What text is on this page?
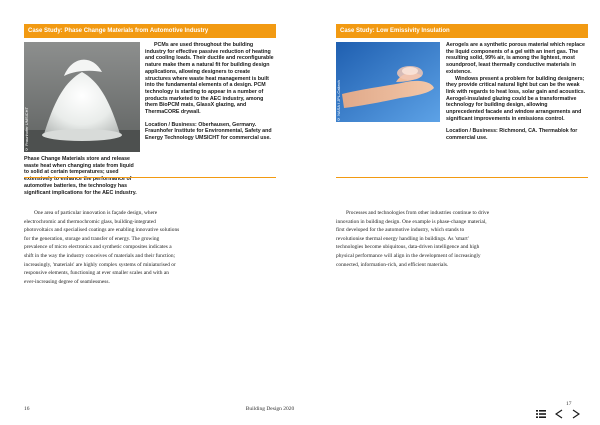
Case Study: Phase Change Materials from Automotive Industry
© Fraunhofer UMSICHT

PCMs are used throughout the building industry for effective passive reduction of heating and cooling loads. Their ductile and reconfigurable nature make them a natural fit for building design applications, allowing designers to create structures where waste heat management is built into the fundamental elements of a design. PCM technology is starting to appear in a number of products marketed to the AEC industry, among them BioPCM mats, GlassX glazing, and ThermaCORE drywall.

Location / Business: Oberhausen, Germany. Fraunhofer Institute for Environmental, Safety and Energy Technology UMSICHT for commercial use.

Phase Change Materials store and release waste heat when changing state from liquid to solid at certain temperatures; used extensively to enhance the performance of automotive batteries, the technology has significant implications for the AEC industry.
Case Study: Low Emissivity Insulation
© NASA / JPL-Caltech

Aerogels are a synthetic porous material which replace the liquid components of a gel with an inert gas. The resulting solid, 99% air, is among the lightest, most soundproof, least thermally conductive materials in existence.

Windows present a problem for building designers; they provide critical natural light but can be the weak link with regards to heat loss, solar gain and acoustics. Aerogel-insulated glazing could be a transformative technology for building design, allowing unprecedented facade and window arrangements and significant improvements in emissions control.

Location / Business: Richmond, CA. Thermablok for commercial use.

One area of particular innovation is façade design, where electrochromic and thermochromic glass, building-integrated photovoltaics and specialised coatings are enabling innovative solutions for the generation, storage and transfer of energy. The growing prevalence of micro electronics and synthetic composites indicates a shift in the way the industry conceives of materials and their function; increasingly, 'materials' are highly complex systems of miniaturised or responsive elements, functioning at ever smaller scales and with an ever-increasing degree of seamlessness.

Processes and technologies from other industries continue to drive innovation in building design. One example is phase-change material, first developed for the automotive industry, which stands to revolutionise thermal energy handling in buildings. As 'smart' technologies become ubiquitous, data-driven intelligence and high physical performance will align in the development of increasingly connected, information-rich, and efficient materials.

16	Building Design 2020
17
